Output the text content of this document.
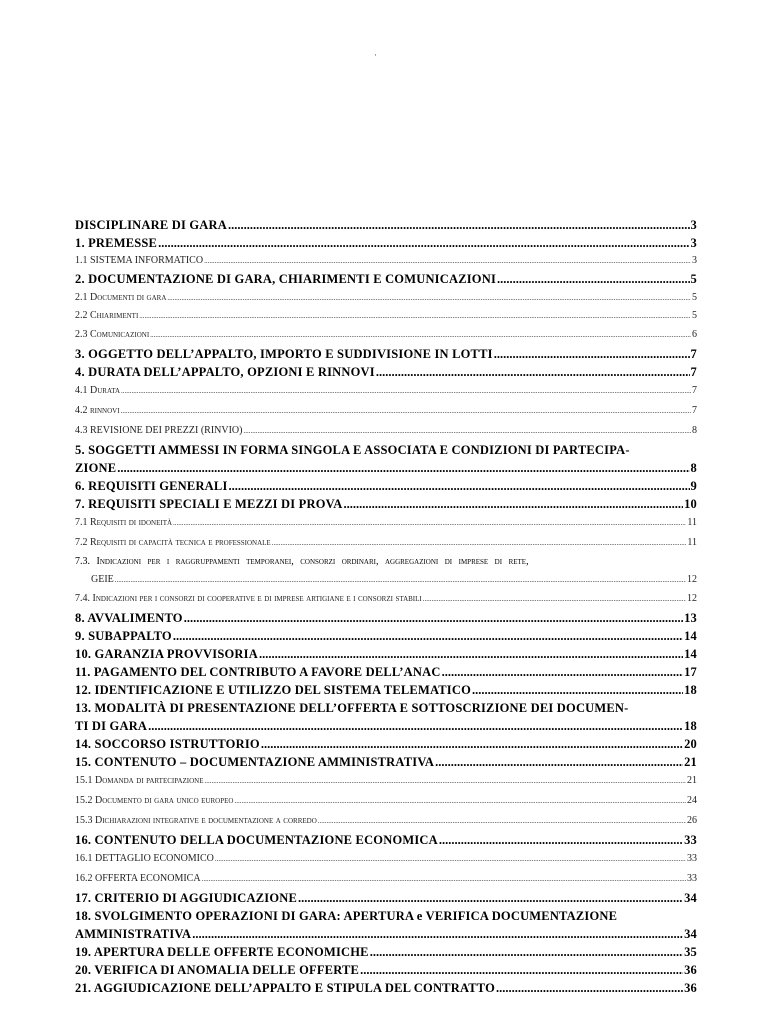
·
DISCIPLINARE DI GARA .....	3
1. PREMESSE .....	3
1.1 SISTEMA INFORMATICO .....	3
2. DOCUMENTAZIONE DI GARA, CHIARIMENTI E COMUNICAZIONI .....	5
2.1 Documenti di gara .....	5
2.2 Chiarimenti .....	5
2.3 Comunicazioni .....	6
3. OGGETTO DELL’APPALTO, IMPORTO E SUDDIVISIONE IN LOTTI .....	7
4. DURATA DELL’APPALTO, OPZIONI E RINNOVI .....	7
4.1 Durata .....	7
4.2 rinnovi .....	7
4.3 REVISIONE DEI PREZZI (RINVIO) .....	8
5. SOGGETTI AMMESSI IN FORMA SINGOLA E ASSOCIATA E CONDIZIONI DI PARTECIPA-
ZIONE .....	8
6. REQUISITI GENERALI .....	9
7. REQUISITI SPECIALI E MEZZI DI PROVA .....	10
7.1 Requisiti di idoneità .....	11
7.2 Requisiti di capacità tecnica e professionale .....	11
7.3. Indicazioni per i raggruppamenti temporanei, consorzi ordinari, aggregazioni di imprese di rete,
GEIE .....	12
7.4. Indicazioni per i consorzi di cooperative e di imprese artigiane e i consorzi stabili .....	12
8. AVVALIMENTO .....	13
9. SUBAPPALTO .....	14
10. GARANZIA PROVVISORIA .....	14
11. PAGAMENTO DEL CONTRIBUTO A FAVORE DELL’ANAC .....	17
12. IDENTIFICAZIONE E UTILIZZO DEL SISTEMA TELEMATICO .....	18
13. MODALITÀ DI PRESENTAZIONE DELL’OFFERTA E SOTTOSCRIZIONE DEI DOCUMEN-
TI DI GARA .....	18
14. SOCCORSO ISTRUTTORIO .....	20
15. CONTENUTO – DOCUMENTAZIONE AMMINISTRATIVA .....	21
15.1 Domanda di partecipazione .....	21
15.2 Documento di gara unico europeo .....	24
15.3 Dichiarazioni integrative e documentazione a corredo .....	26
16. CONTENUTO DELLA DOCUMENTAZIONE ECONOMICA .....	33
16.1 DETTAGLIO ECONOMICO .....	33
16.2 OFFERTA ECONOMICA .....	33
17. CRITERIO DI AGGIUDICAZIONE .....	34
18. SVOLGIMENTO OPERAZIONI DI GARA: APERTURA e VERIFICA DOCUMENTAZIONE
AMMINISTRATIVA .....	34
19. APERTURA DELLE OFFERTE ECONOMICHE .....	35
20. VERIFICA DI ANOMALIA DELLE OFFERTE .....	36
21. AGGIUDICAZIONE DELL’APPALTO E STIPULA DEL CONTRATTO .....	36
